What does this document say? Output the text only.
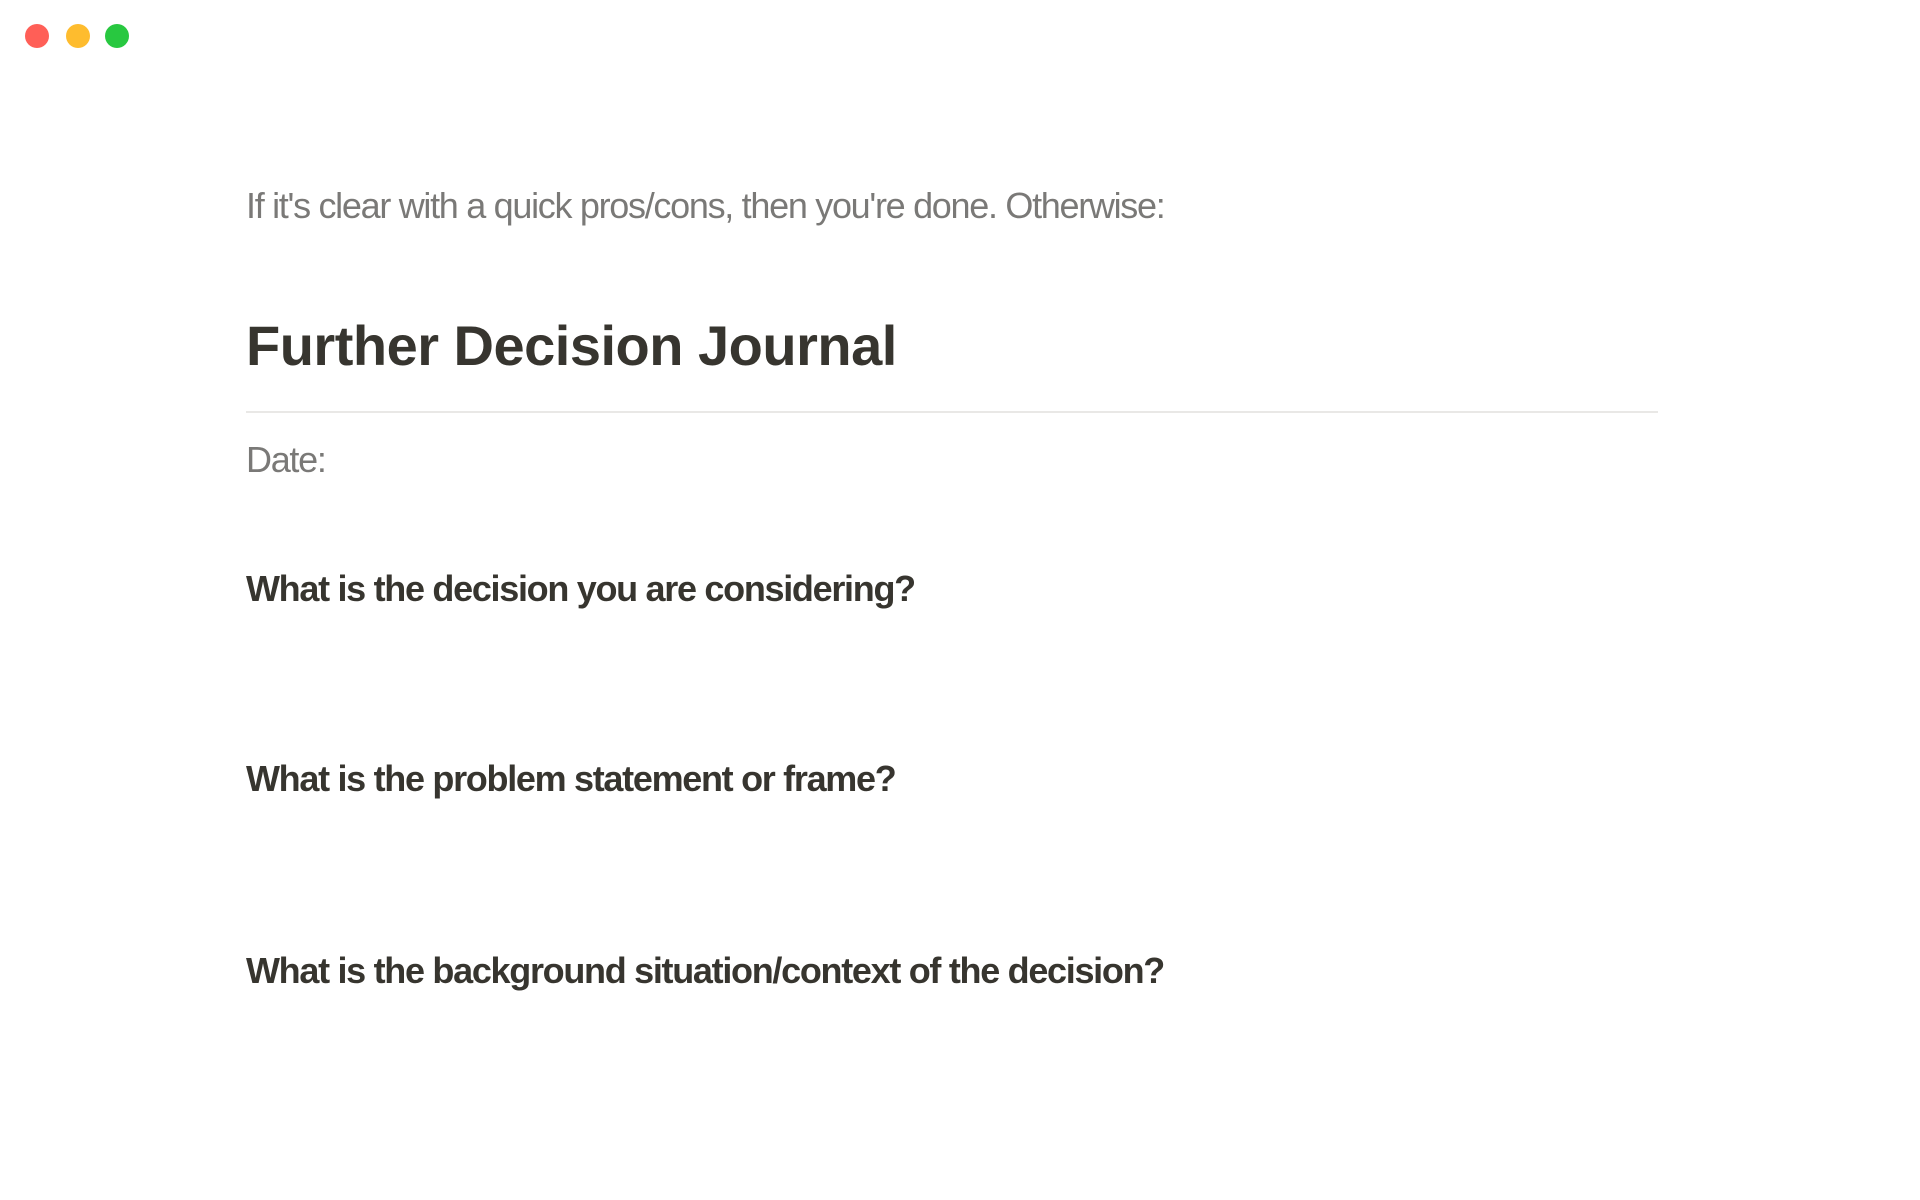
If it's clear with a quick pros/cons, then you're done. Otherwise:

Further Decision Journal

Date:

What is the decision you are considering?

What is the problem statement or frame?

What is the background situation/context of the decision?
